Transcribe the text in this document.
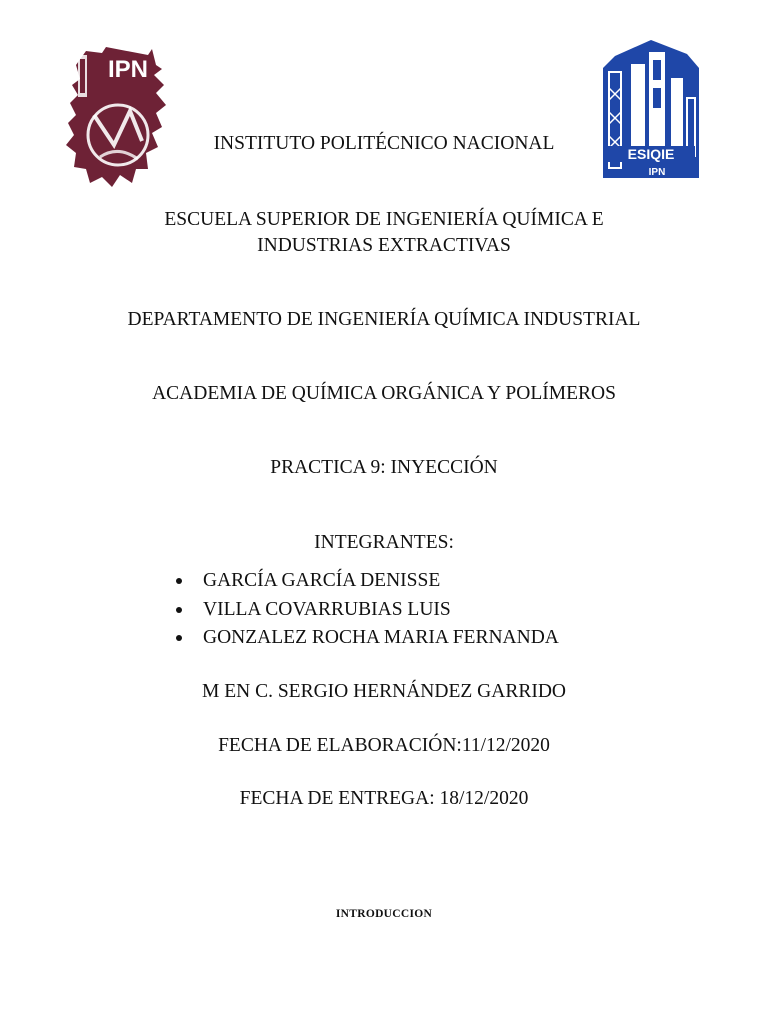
IPN
ESIQIE
IPN
INSTITUTO POLITÉCNICO NACIONAL
ESCUELA SUPERIOR DE INGENIERÍA QUÍMICA E
INDUSTRIAS EXTRACTIVAS
DEPARTAMENTO DE INGENIERÍA QUÍMICA INDUSTRIAL
ACADEMIA DE QUÍMICA ORGÁNICA Y POLÍMEROS
PRACTICA 9: INYECCIÓN
INTEGRANTES:
GARCÍA GARCÍA DENISSE
VILLA COVARRUBIAS LUIS
GONZALEZ ROCHA MARIA FERNANDA
M EN C. SERGIO HERNÁNDEZ GARRIDO
FECHA DE ELABORACIÓN:11/12/2020
FECHA DE ENTREGA: 18/12/2020
INTRODUCCION
